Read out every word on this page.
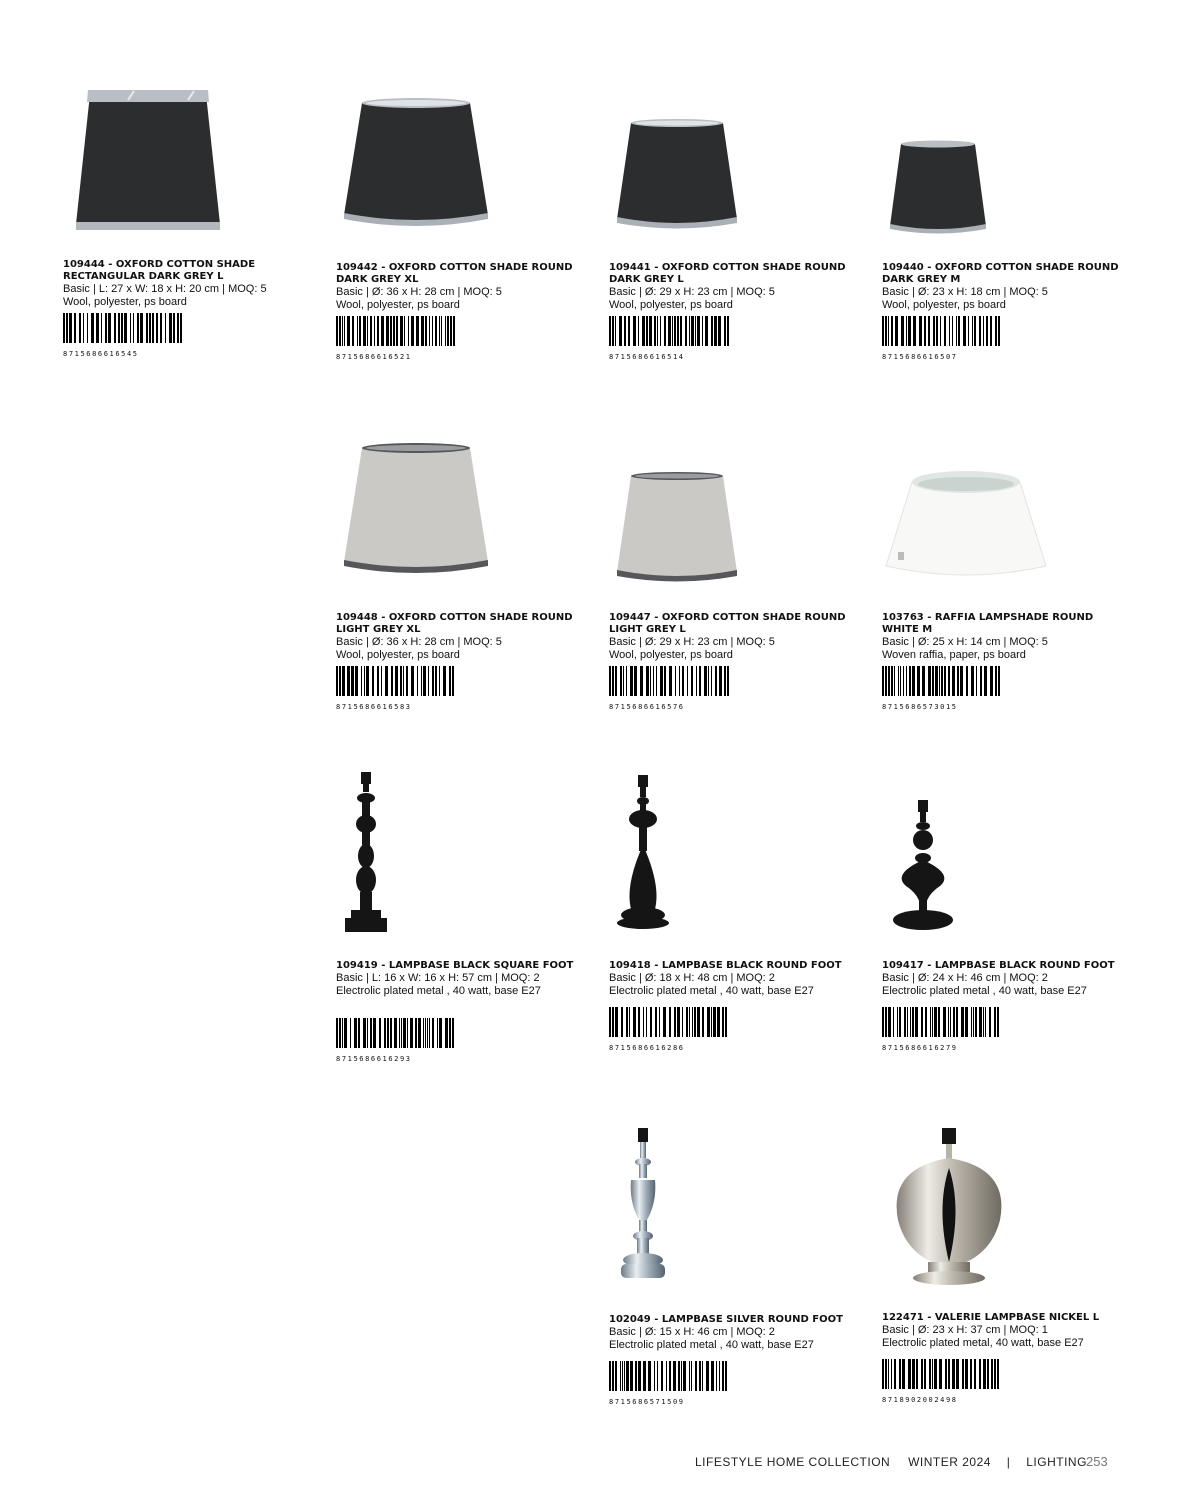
109444 - OXFORD COTTON SHADE RECTANGULAR DARK GREY L

Basic | L: 27 x W: 18 x H: 20 cm | MOQ: 5

Wool, polyester, ps board

8715686616545

109442 - OXFORD COTTON SHADE ROUND DARK GREY XL

Basic | Ø: 36 x H: 28 cm | MOQ: 5

Wool, polyester, ps board

8715686616521

109441 - OXFORD COTTON SHADE ROUND DARK GREY L

Basic | Ø: 29 x H: 23 cm | MOQ: 5

Wool, polyester, ps board

8715686616514

109440 - OXFORD COTTON SHADE ROUND DARK GREY M

Basic | Ø: 23 x H: 18 cm | MOQ: 5

Wool, polyester, ps board

8715686616507

109448 - OXFORD COTTON SHADE ROUND LIGHT GREY XL

Basic | Ø: 36 x H: 28 cm | MOQ: 5

Wool, polyester, ps board

8715686616583

109447 - OXFORD COTTON SHADE ROUND LIGHT GREY L

Basic | Ø: 29 x H: 23 cm | MOQ: 5

Wool, polyester, ps board

8715686616576

103763 - RAFFIA LAMPSHADE ROUND WHITE M

Basic | Ø: 25 x H: 14 cm | MOQ: 5

Woven raffia, paper, ps board

8715686573015

109419 - LAMPBASE BLACK SQUARE FOOT

Basic | L: 16 x W: 16 x H: 57 cm | MOQ: 2

Electrolic plated metal , 40 watt, base E27

8715686616293

109418 - LAMPBASE BLACK ROUND FOOT

Basic | Ø: 18 x H: 48 cm | MOQ: 2

Electrolic plated metal , 40 watt, base E27

8715686616286

109417 - LAMPBASE BLACK ROUND FOOT

Basic | Ø: 24 x H: 46 cm | MOQ: 2

Electrolic plated metal , 40 watt, base E27

8715686616279

102049 - LAMPBASE SILVER ROUND FOOT

Basic | Ø: 15 x H: 46 cm | MOQ: 2

Electrolic plated metal , 40 watt, base E27

8715686571509

122471 - VALERIE LAMPBASE NICKEL L

Basic | Ø: 23 x H: 37 cm | MOQ: 1

Electrolic plated metal, 40 watt, base E27

8718902002498
LIFESTYLE HOME COLLECTION WINTER 2024 | LIGHTING 253
